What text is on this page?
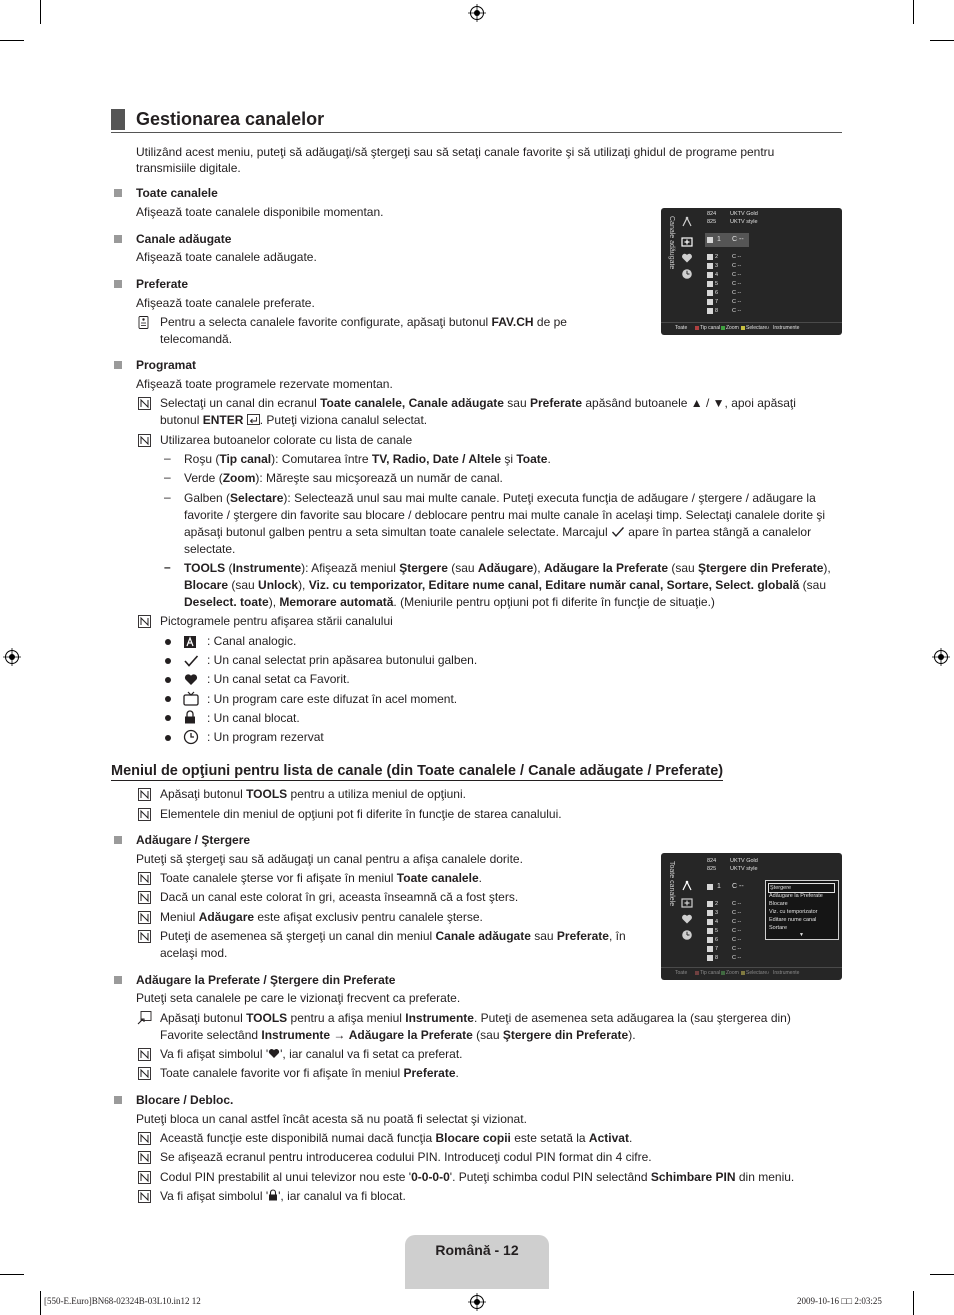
Gestionarea canalelor
Utilizând acest meniu, puteţi să adăugaţi/să ştergeţi sau să setaţi canale favorite şi să utilizaţi ghidul de programe pentru
transmisiile digitale.
Toate canalele
Afişează toate canalele disponibile momentan.
Canale adăugate
Afişează toate canalele adăugate.
Preferate
Afişează toate canalele preferate.
Pentru a selecta canalele favorite configurate, apăsaţi butonul FAV.CH de pe
telecomandă.
Canale adăugate
824	UKTV Gold
825	UKTV style
1 C --
2	C --
3	C --
4	C --
5	C --
6	C --
7	C --
8	C --
Toate	Tip canal Zoom Selectare ♪ Instrumente
Programat
Afişează toate programele rezervate momentan.
Selectaţi un canal din ecranul Toate canalele, Canale adăugate sau Preferate apăsând butoanele ▲ / ▼, apoi apăsaţi
butonul ENTER . Puteţi viziona canalul selectat.
Utilizarea butoanelor colorate cu lista de canale
– Roşu (Tip canal): Comutarea între TV, Radio, Date / Altele şi Toate.
– Verde (Zoom): Măreşte sau micşorează un număr de canal.
– Galben (Selectare): Selectează unul sau mai multe canale. Puteţi executa funcţia de adăugare / ştergere / adăugare la
favorite / ştergere din favorite sau blocare / deblocare pentru mai multe canale în acelaşi timp. Selectaţi canalele dorite şi
apăsaţi butonul galben pentru a seta simultan toate canalele selectate. Marcajul  apare în partea stângă a canalelor
selectate.
– TOOLS (Instrumente): Afişează meniul Ştergere (sau Adăugare), Adăugare la Preferate (sau Ştergere din Preferate),
Blocare (sau Unlock), Viz. cu temporizator, Editare nume canal, Editare număr canal, Sortare, Select. globală (sau
Deselect. toate), Memorare automată. (Meniurile pentru opţiuni pot fi diferite în funcţie de situaţie.)
Pictogramele pentru afişarea stării canalului
: Canal analogic.
: Un canal selectat prin apăsarea butonului galben.
: Un canal setat ca Favorit.
: Un program care este difuzat în acel moment.
: Un canal blocat.
: Un program rezervat
Meniul de opţiuni pentru lista de canale (din Toate canalele / Canale adăugate / Preferate)
Apăsaţi butonul TOOLS pentru a utiliza meniul de opţiuni.
Elementele din meniul de opţiuni pot fi diferite în funcţie de starea canalului.
Adăugare / Ştergere
Puteţi să ştergeţi sau să adăugaţi un canal pentru a afişa canalele dorite.
Toate canalele şterse vor fi afişate în meniul Toate canalele.
Dacă un canal este colorat în gri, aceasta înseamnă că a fost şters.
Meniul Adăugare este afişat exclusiv pentru canalele şterse.
Puteţi de asemenea să ştergeţi un canal din meniul Canale adăugate sau Preferate, în
acelaşi mod.
Toate canalele	824	UKTV Gold
825	UKTV style
1 C --
2	C --
3	C --
4	C --
5	C --
6	C --
7	C --
8	C --
Ştergere
Adăugare la Preferate
Blocare
Viz. cu temporizator
Editare nume canal
Sortare
▼
Toate	Tip canal Zoom Selectare ♪ Instrumente
Adăugare la Preferate / Ştergere din Preferate
Puteţi seta canalele pe care le vizionaţi frecvent ca preferate.
Apăsaţi butonul TOOLS pentru a afişa meniul Instrumente. Puteţi de asemenea seta adăugarea la (sau ştergerea din)
Favorite selectând Instrumente → Adăugare la Preferate (sau Ştergere din Preferate).
Va fi afişat simbolul ' ', iar canalul va fi setat ca preferat.
Toate canalele favorite vor fi afişate în meniul Preferate.
Blocare / Debloc.
Puteţi bloca un canal astfel încât acesta să nu poată fi selectat şi vizionat.
Această funcţie este disponibilă numai dacă funcţia Blocare copii este setată la Activat.
Se afişează ecranul pentru introducerea codului PIN. Introduceţi codul PIN format din 4 cifre.
Codul PIN prestabilit al unui televizor nou este '0-0-0-0'. Puteţi schimba codul PIN selectând Schimbare PIN din meniu.
Va fi afişat simbolul ' ', iar canalul va fi blocat.
Română - 12
[550-E.Euro]BN68-02324B-03L10.in12 12	2009-10-16 □□ 2:03:25
